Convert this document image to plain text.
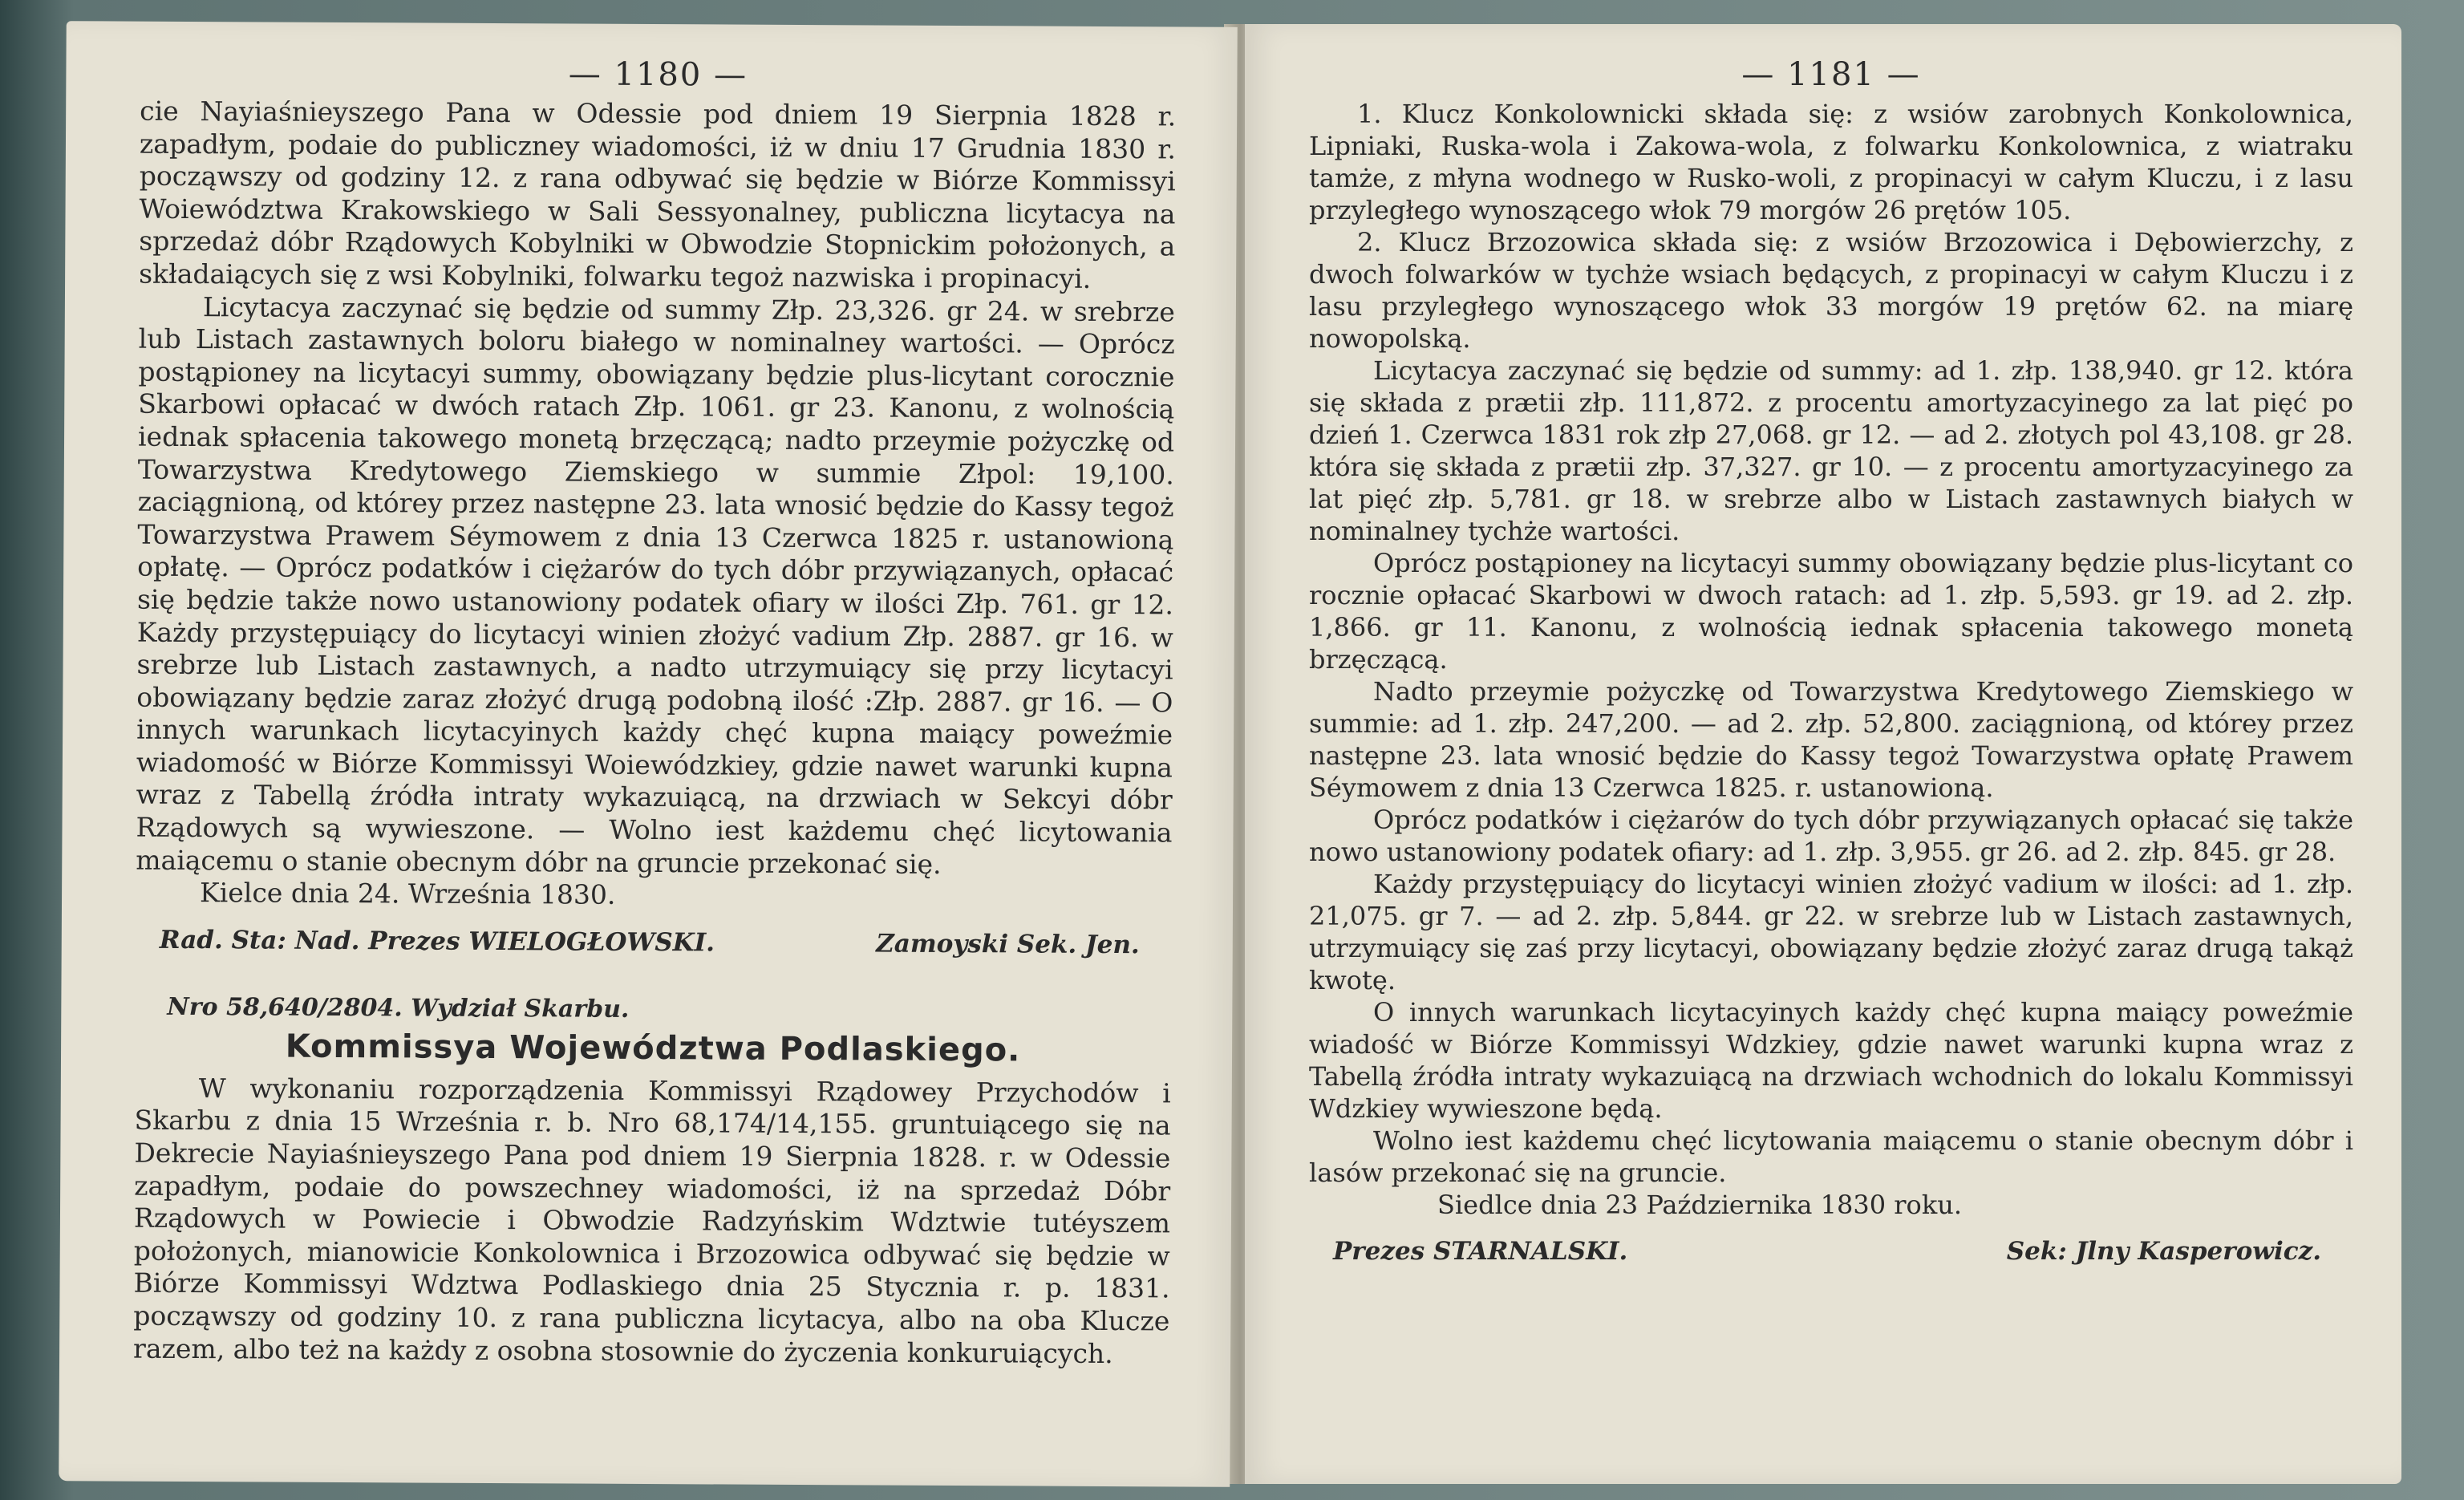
— 1180 —

cie Nayiaśnieyszego Pana w Odessie pod dniem 19 Sierpnia 1828 r. zapadłym, podaie do publiczney wiadomości, iż w dniu 17 Grudnia 1830 r. począwszy od godziny 12. z rana odbywać się będzie w Biórze Kommissyi Woiewództwa Krakowskiego w Sali Sessyonalney, publiczna licytacya na sprzedaż dóbr Rządowych Kobylniki w Obwodzie Stopnickim położonych, a składaiących się z wsi Kobylniki, folwarku tegoż nazwiska i propinacyi.

Licytacya zaczynać się będzie od summy Złp. 23,326. gr 24. w srebrze lub Listach zastawnych boloru białego w nominalney wartości. — Oprócz postąpioney na licytacyi summy, obowiązany będzie plus-licytant corocznie Skarbowi opłacać w dwóch ratach Złp. 1061. gr 23. Kanonu, z wolnością iednak spłacenia takowego monetą brzęczącą; nadto przeymie pożyczkę od Towarzystwa Kredytowego Ziemskiego w summie Złpol: 19,100. zaciągnioną, od którey przez następne 23. lata wnosić będzie do Kassy tegoż Towarzystwa Prawem Séymowem z dnia 13 Czerwca 1825 r. ustanowioną opłatę. — Oprócz podatków i ciężarów do tych dóbr przywiązanych, opłacać się będzie także nowo ustanowiony podatek ofiary w ilości Złp. 761. gr 12. Każdy przystępuiący do licytacyi winien złożyć vadium Złp. 2887. gr 16. w srebrze lub Listach zastawnych, a nadto utrzymuiący się przy licytacyi obowiązany będzie zaraz złożyć drugą podobną ilość :Złp. 2887. gr 16. — O innych warunkach licytacyinych każdy chęć kupna maiący poweźmie wiadomość w Biórze Kommissyi Woiewódzkiey, gdzie nawet warunki kupna wraz z Tabellą źródła intraty wykazuiącą, na drzwiach w Sekcyi dóbr Rządowych są wywieszone. — Wolno iest każdemu chęć licytowania maiącemu o stanie obecnym dóbr na gruncie przekonać się.

Kielce dnia 24. Września 1830.

Rad. Sta: Nad. Prezes WIELOGŁOWSKI.	Zamoyski Sek. Jen.
Nro 58,640/2804. Wydział Skarbu.
Kommissya Województwa Podlaskiego.

W wykonaniu rozporządzenia Kommissyi Rządowey Przychodów i Skarbu z dnia 15 Września r. b. Nro 68,174/14,155. gruntuiącego się na Dekrecie Nayiaśnieyszego Pana pod dniem 19 Sierpnia 1828. r. w Odessie zapadłym, podaie do powszechney wiadomości, iż na sprzedaż Dóbr Rządowych w Powiecie i Obwodzie Radzyńskim Wdztwie tutéyszem położonych, mianowicie Konkolownica i Brzozowica odbywać się będzie w Biórze Kommissyi Wdztwa Podlaskiego dnia 25 Stycznia r. p. 1831. począwszy od godziny 10. z rana publiczna licytacya, albo na oba Klucze razem, albo też na każdy z osobna stosownie do życzenia konkuruiących.

— 1181 —

1. Klucz Konkolownicki składa się: z wsiów zarobnych Konkolownica, Lipniaki, Ruska-wola i Zakowa-wola, z folwarku Konkolownica, z wiatraku tamże, z młyna wodnego w Rusko-woli, z propinacyi w całym Kluczu, i z lasu przyległego wynoszącego włok 79 morgów 26 prętów 105.

2. Klucz Brzozowica składa się: z wsiów Brzozowica i Dębowierzchy, z dwoch folwarków w tychże wsiach będących, z propinacyi w całym Kluczu i z lasu przyległego wynoszącego włok 33 morgów 19 prętów 62. na miarę nowopolską.

Licytacya zaczynać się będzie od summy: ad 1. złp. 138,940. gr 12. która się składa z prætii złp. 111,872. z procentu amortyzacyinego za lat pięć po dzień 1. Czerwca 1831 rok złp 27,068. gr 12. — ad 2. złotych pol 43,108. gr 28. która się składa z prætii złp. 37,327. gr 10. — z procentu amortyzacyinego za lat pięć złp. 5,781. gr 18. w srebrze albo w Listach zastawnych białych w nominalney tychże wartości.

Oprócz postąpioney na licytacyi summy obowiązany będzie plus-licytant co rocznie opłacać Skarbowi w dwoch ratach: ad 1. złp. 5,593. gr 19. ad 2. złp. 1,866. gr 11. Kanonu, z wolnością iednak spłacenia takowego monetą brzęczącą.

Nadto przeymie pożyczkę od Towarzystwa Kredytowego Ziemskiego w summie: ad 1. złp. 247,200. — ad 2. złp. 52,800. zaciągnioną, od którey przez następne 23. lata wnosić będzie do Kassy tegoż Towarzystwa opłatę Prawem Séymowem z dnia 13 Czerwca 1825. r. ustanowioną.

Oprócz podatków i ciężarów do tych dóbr przywiązanych opłacać się także nowo ustanowiony podatek ofiary: ad 1. złp. 3,955. gr 26. ad 2. złp. 845. gr 28.

Każdy przystępuiący do licytacyi winien złożyć vadium w ilości: ad 1. złp. 21,075. gr 7. — ad 2. złp. 5,844. gr 22. w srebrze lub w Listach zastawnych, utrzymuiący się zaś przy licytacyi, obowiązany będzie złożyć zaraz drugą takąż kwotę.

O innych warunkach licytacyinych każdy chęć kupna maiący poweźmie wiadość w Biórze Kommissyi Wdzkiey, gdzie nawet warunki kupna wraz z Tabellą źródła intraty wykazuiącą na drzwiach wchodnich do lokalu Kommissyi Wdzkiey wywieszone będą.

Wolno iest każdemu chęć licytowania maiącemu o stanie obecnym dóbr i lasów przekonać się na gruncie.

Siedlce dnia 23 Października 1830 roku.

Prezes STARNALSKI.	Sek: Jlny Kasperowicz.
